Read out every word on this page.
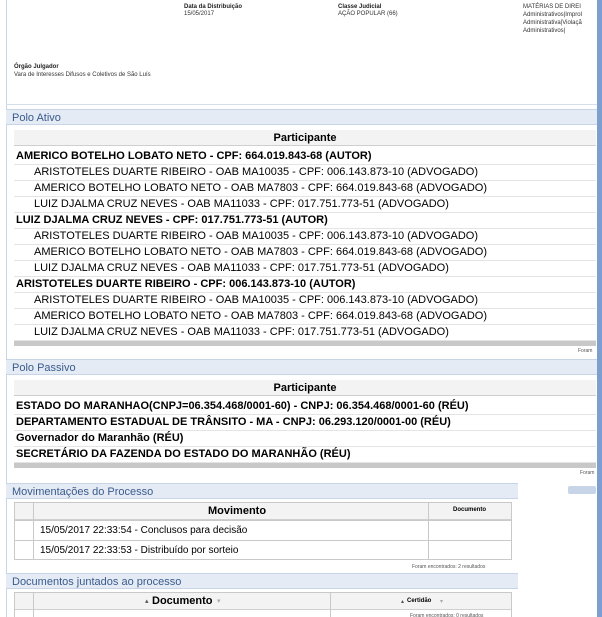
Data da Distribuição
15/05/2017
Classe Judicial
AÇÃO POPULAR (66)
MATÉRIAS DE DIREI
Administrativos|Improl
Administrativa|Violaçã
Administrativos|
Órgão Julgador
Vara de Interesses Difusos e Coletivos de São Luís
Polo Ativo
Participante
AMERICO BOTELHO LOBATO NETO - CPF: 664.019.843-68 (AUTOR)
ARISTOTELES DUARTE RIBEIRO - OAB MA10035 - CPF: 006.143.873-10 (ADVOGADO)
AMERICO BOTELHO LOBATO NETO - OAB MA7803 - CPF: 664.019.843-68 (ADVOGADO)
LUIZ DJALMA CRUZ NEVES - OAB MA11033 - CPF: 017.751.773-51 (ADVOGADO)
LUIZ DJALMA CRUZ NEVES - CPF: 017.751.773-51 (AUTOR)
ARISTOTELES DUARTE RIBEIRO - OAB MA10035 - CPF: 006.143.873-10 (ADVOGADO)
AMERICO BOTELHO LOBATO NETO - OAB MA7803 - CPF: 664.019.843-68 (ADVOGADO)
LUIZ DJALMA CRUZ NEVES - OAB MA11033 - CPF: 017.751.773-51 (ADVOGADO)
ARISTOTELES DUARTE RIBEIRO - CPF: 006.143.873-10 (AUTOR)
ARISTOTELES DUARTE RIBEIRO - OAB MA10035 - CPF: 006.143.873-10 (ADVOGADO)
AMERICO BOTELHO LOBATO NETO - OAB MA7803 - CPF: 664.019.843-68 (ADVOGADO)
LUIZ DJALMA CRUZ NEVES - OAB MA11033 - CPF: 017.751.773-51 (ADVOGADO)
Foram
Polo Passivo
Participante
ESTADO DO MARANHAO(CNPJ=06.354.468/0001-60) - CNPJ: 06.354.468/0001-60 (RÉU)
DEPARTAMENTO ESTADUAL DE TRÂNSITO - MA - CNPJ: 06.293.120/0001-00 (RÉU)
Governador do Maranhão (RÉU)
SECRETÁRIO DA FAZENDA DO ESTADO DO MARANHÃO (RÉU)
Foram
Movimentações do Processo
Movimento	Documento
15/05/2017 22:33:54 - Conclusos para decisão
15/05/2017 22:33:53 - Distribuído por sorteio
Foram encontrados: 2 resultados
Documentos juntados ao processo
▴ Documento ▾	▴ Certidão ▾
Foram encontrados: 0 resultados
